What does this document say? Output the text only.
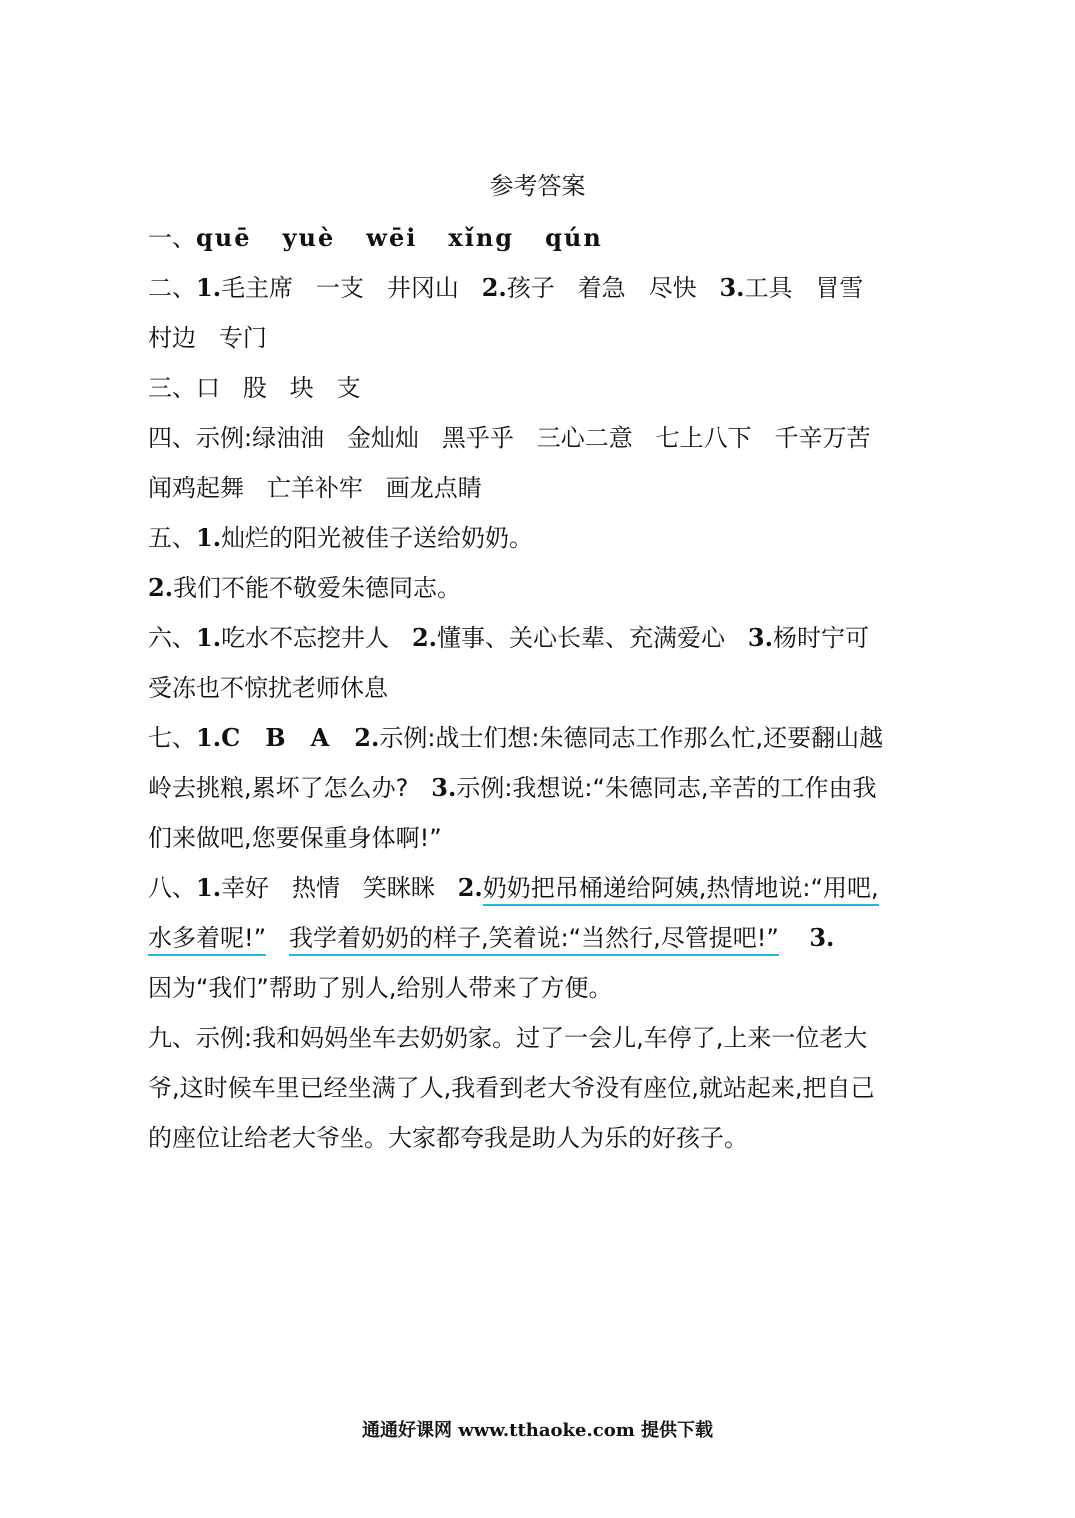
参考答案
一、quē   yuè   wēi   xǐng   qún
二、1.毛主席   一支   井冈山   2.孩子   着急   尽快   3.工具   冒雪
村边   专门
三、口   股   块   支
四、示例:绿油油   金灿灿   黑乎乎   三心二意   七上八下   千辛万苦
闻鸡起舞   亡羊补牢   画龙点睛
五、1.灿烂的阳光被佳子送给奶奶。
2.我们不能不敬爱朱德同志。
六、1.吃水不忘挖井人   2.懂事、关心长辈、充满爱心   3.杨时宁可
受冻也不惊扰老师休息
七、1.C   B   A   2.示例:战士们想:朱德同志工作那么忙,还要翻山越
岭去挑粮,累坏了怎么办?   3.示例:我想说:“朱德同志,辛苦的工作由我
们来做吧,您要保重身体啊!”
八、1.幸好   热情   笑眯眯   2.奶奶把吊桶递给阿姨,热情地说:“用吧,
水多着呢!” 我学着奶奶的样子,笑着说:“当然行,尽管提吧!” 3.
因为“我们”帮助了别人,给别人带来了方便。
九、示例:我和妈妈坐车去奶奶家。过了一会儿,车停了,上来一位老大
爷,这时候车里已经坐满了人,我看到老大爷没有座位,就站起来,把自己
的座位让给老大爷坐。大家都夸我是助人为乐的好孩子。
通通好课网 www.tthaoke.com 提供下载
